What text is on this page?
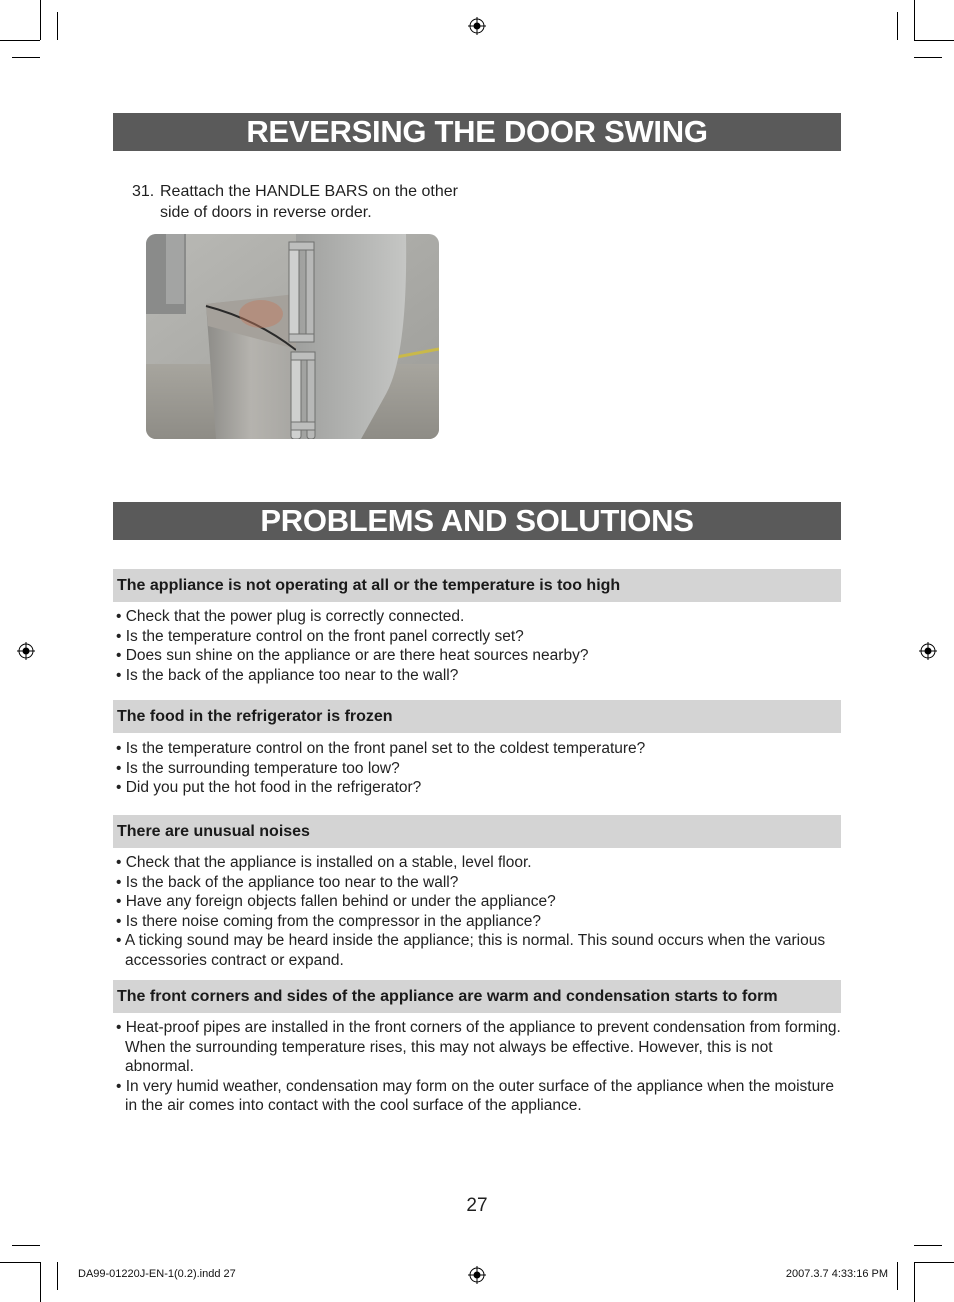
REVERSING THE DOOR SWING
31. Reattach the HANDLE BARS on the other
side of doors in reverse order.
PROBLEMS AND SOLUTIONS
The appliance is not operating at all or the temperature is too high
• Check that the power plug is correctly connected.
• Is the temperature control on the front panel correctly set?
• Does sun shine on the appliance or are there heat sources nearby?
• Is the back of the appliance too near to the wall?
The food in the refrigerator is frozen
• Is the temperature control on the front panel set to the coldest temperature?
• Is the surrounding temperature too low?
• Did you put the hot food in the refrigerator?
There are unusual noises
• Check that the appliance is installed on a stable, level floor.
• Is the back of the appliance too near to the wall?
• Have any foreign objects fallen behind or under the appliance?
• Is there noise coming from the compressor in the appliance?
• A ticking sound may be heard inside the appliance; this is normal. This sound occurs when the various accessories contract or expand.
The front corners and sides of the appliance are warm and condensation starts to form
• Heat-proof pipes are installed in the front corners of the appliance to prevent condensation from forming. When the surrounding temperature rises, this may not always be effective. However, this is not abnormal.
• In very humid weather, condensation may form on the outer surface of the appliance when the moisture in the air comes into contact with the cool surface of the appliance.
27
DA99-01220J-EN-1(0.2).indd 27	2007.3.7 4:33:16 PM
